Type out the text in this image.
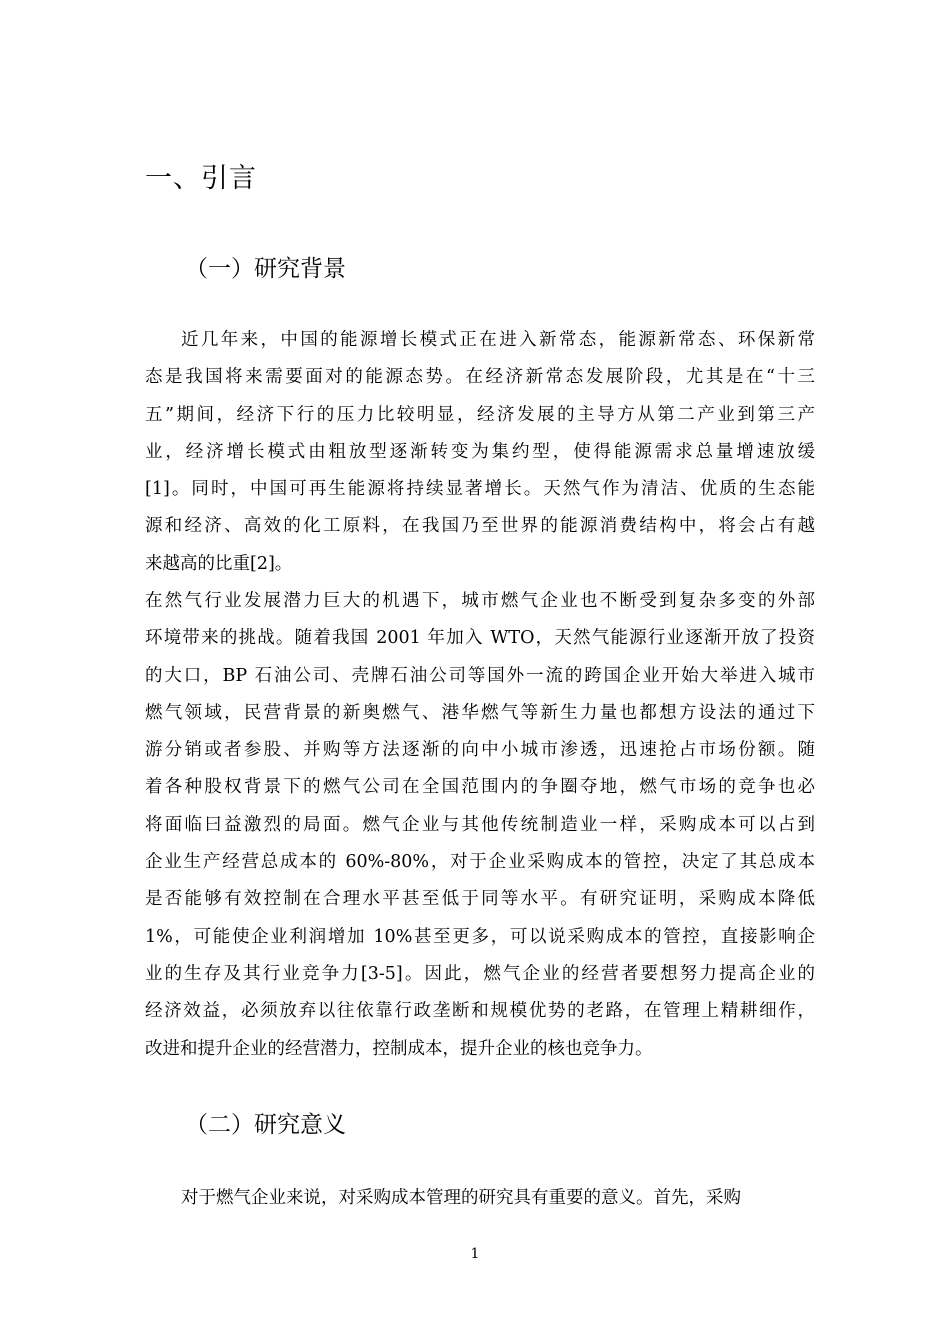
一、引言
（一）研究背景
近几年来，中国的能源增长模式正在进入新常态，能源新常态、环保新常
态是我国将来需要面对的能源态势。在经济新常态发展阶段，尤其是在“十三
五”期间，经济下行的压力比较明显，经济发展的主导方从第二产业到第三产
业，经济增长模式由粗放型逐渐转变为集约型，使得能源需求总量增速放缓
[1]。同时，中国可再生能源将持续显著增长。天然气作为清洁、优质的生态能
源和经济、高效的化工原料，在我国乃至世界的能源消费结构中，将会占有越
来越高的比重[2]。
在然气行业发展潜力巨大的机遇下，城市燃气企业也不断受到复杂多变的外部
环境带来的挑战。随着我国 2001 年加入 WTO，天然气能源行业逐渐开放了投资
的大口，BP 石油公司、壳牌石油公司等国外一流的跨国企业开始大举进入城市
燃气领域，民营背景的新奥燃气、港华燃气等新生力量也都想方设法的通过下
游分销或者参股、并购等方法逐渐的向中小城市渗透，迅速抢占市场份额。随
着各种股权背景下的燃气公司在全国范围内的争圈夺地，燃气市场的竞争也必
将面临曰益激烈的局面。燃气企业与其他传统制造业一样，采购成本可以占到
企业生产经营总成本的 60%-80%，对于企业采购成本的管控，决定了其总成本
是否能够有效控制在合理水平甚至低于同等水平。有研究证明，采购成本降低
1%，可能使企业利润增加 10%甚至更多，可以说采购成本的管控，直接影响企
业的生存及其行业竞争力[3-5]。因此，燃气企业的经营者要想努力提高企业的
经济效益，必须放弃以往依靠行政垄断和规模优势的老路，在管理上精耕细作，
改进和提升企业的经营潜力，控制成本，提升企业的核也竞争力。
（二）研究意义
对于燃气企业来说，对采购成本管理的研究具有重要的意义。首先，采购
1
